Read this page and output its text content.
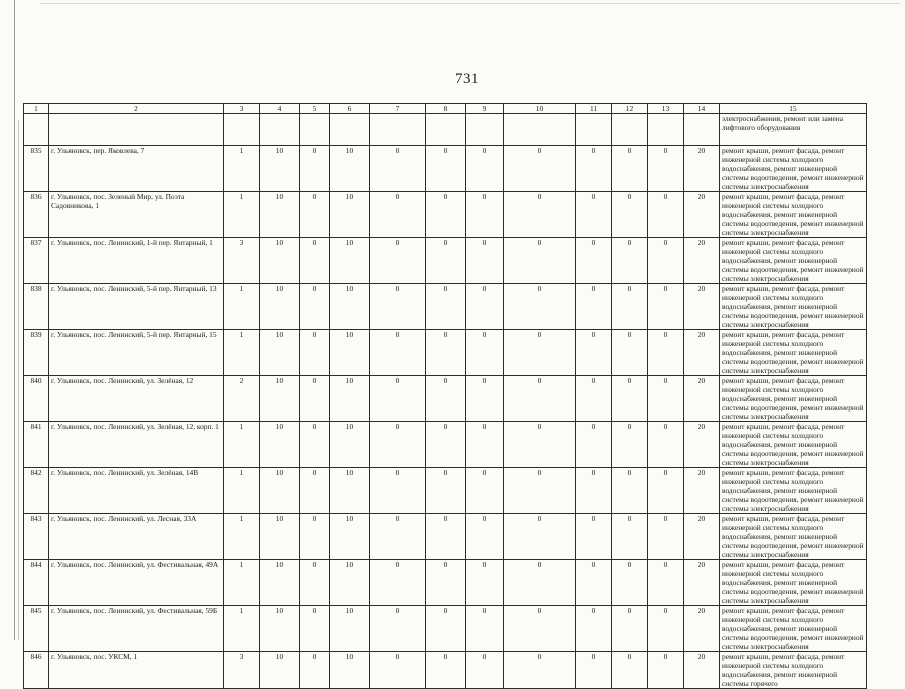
731
1	2	3	4	5	6	7	8	9	10	11	12	13	14	15
														электроснабжения, ремонт или замена лифтового оборудования
835	г. Ульяновск, пер. Яковлева, 7	1	10	0	10	0	0	0	0	0	0	0	20	ремонт крыши, ремонт фасада, ремонт инженерной системы холодного водоснабжения, ремонт инженерной системы водоотведения, ремонт инженерной системы электроснабжения
836	г. Ульяновск, пос. Зеленый Мир, ул. Поэта Садовникова, 1	1	10	0	10	0	0	0	0	0	0	0	20	ремонт крыши, ремонт фасада, ремонт инженерной системы холодного водоснабжения, ремонт инженерной системы водоотведения, ремонт инженерной системы электроснабжения
837	г. Ульяновск, пос. Ленинский, 1-й пер. Янтарный, 1	3	10	0	10	0	0	0	0	0	0	0	20	ремонт крыши, ремонт фасада, ремонт инженерной системы холодного водоснабжения, ремонт инженерной системы водоотведения, ремонт инженерной системы электроснабжения
838	г. Ульяновск, пос. Ленинский, 5-й пер. Янтарный, 13	1	10	0	10	0	0	0	0	0	0	0	20	ремонт крыши, ремонт фасада, ремонт инженерной системы холодного водоснабжения, ремонт инженерной системы водоотведения, ремонт инженерной системы электроснабжения
839	г. Ульяновск, пос. Ленинский, 5-й пер. Янтарный, 15	1	10	0	10	0	0	0	0	0	0	0	20	ремонт крыши, ремонт фасада, ремонт инженерной системы холодного водоснабжения, ремонт инженерной системы водоотведения, ремонт инженерной системы электроснабжения
840	г. Ульяновск, пос. Ленинский, ул. Зелёная, 12	2	10	0	10	0	0	0	0	0	0	0	20	ремонт крыши, ремонт фасада, ремонт инженерной системы холодного водоснабжения, ремонт инженерной системы водоотведения, ремонт инженерной системы электроснабжения
841	г. Ульяновск, пос. Ленинский, ул. Зелёная, 12, корп. 1	1	10	0	10	0	0	0	0	0	0	0	20	ремонт крыши, ремонт фасада, ремонт инженерной системы холодного водоснабжения, ремонт инженерной системы водоотведения, ремонт инженерной системы электроснабжения
842	г. Ульяновск, пос. Ленинский, ул. Зелёная, 14В	1	10	0	10	0	0	0	0	0	0	0	20	ремонт крыши, ремонт фасада, ремонт инженерной системы холодного водоснабжения, ремонт инженерной системы водоотведения, ремонт инженерной системы электроснабжения
843	г. Ульяновск, пос. Ленинский, ул. Лесная, 33А	1	10	0	10	0	0	0	0	0	0	0	20	ремонт крыши, ремонт фасада, ремонт инженерной системы холодного водоснабжения, ремонт инженерной системы водоотведения, ремонт инженерной системы электроснабжения
844	г. Ульяновск, пос. Ленинский, ул. Фестивальная, 49А	1	10	0	10	0	0	0	0	0	0	0	20	ремонт крыши, ремонт фасада, ремонт инженерной системы холодного водоснабжения, ремонт инженерной системы водоотведения, ремонт инженерной системы электроснабжения
845	г. Ульяновск, пос. Ленинский, ул. Фестивальная, 59Б	1	10	0	10	0	0	0	0	0	0	0	20	ремонт крыши, ремонт фасада, ремонт инженерной системы холодного водоснабжения, ремонт инженерной системы водоотведения, ремонт инженерной системы электроснабжения
846	г. Ульяновск, пос. УКСМ, 1	3	10	0	10	0	0	0	0	0	0	0	20	ремонт крыши, ремонт фасада, ремонт инженерной системы холодного водоснабжения, ремонт инженерной системы горячего
